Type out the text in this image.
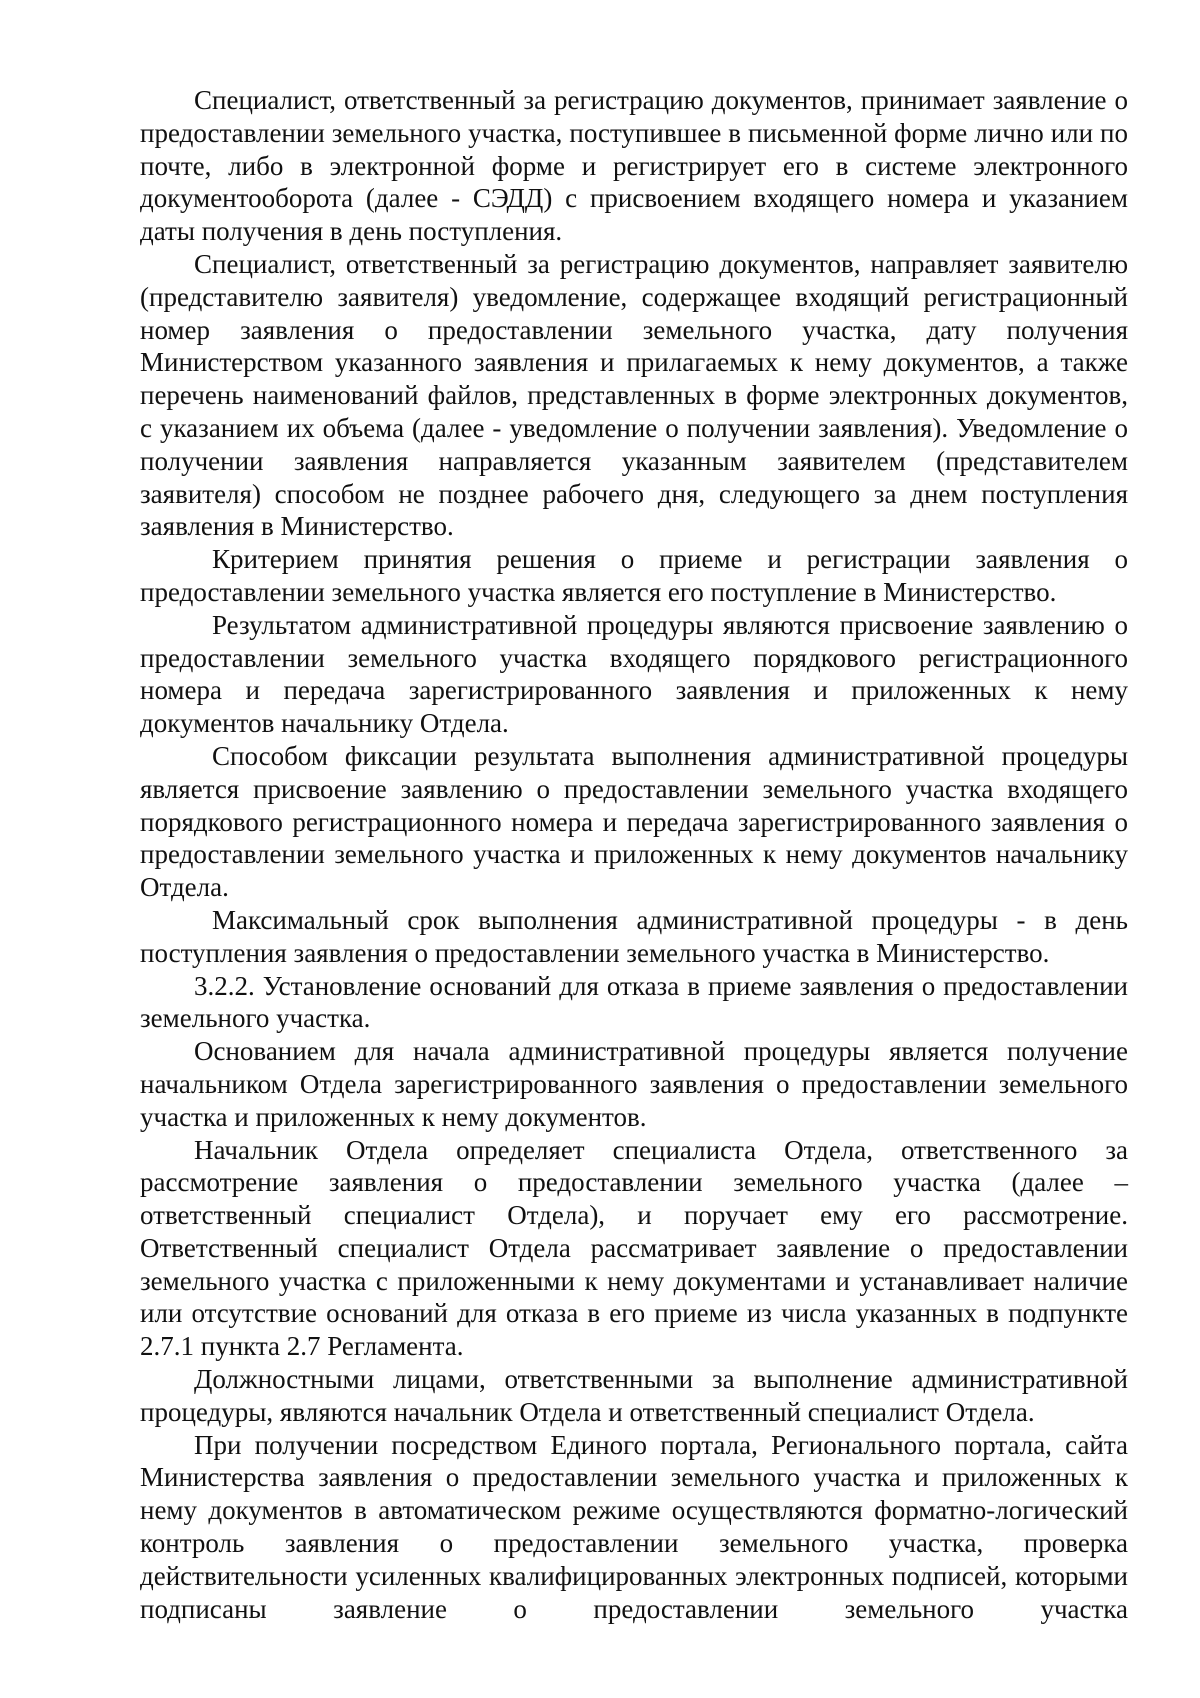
Специалист, ответственный за регистрацию документов, принимает заявление о предоставлении земельного участка, поступившее в письменной форме лично или по почте, либо в электронной форме и регистрирует его в системе электронного документооборота (далее - СЭДД) с присвоением входящего номера и указанием даты получения в день поступления.

Специалист, ответственный за регистрацию документов, направляет заявителю (представителю заявителя) уведомление, содержащее входящий регистрационный номер заявления о предоставлении земельного участка, дату получения Министерством указанного заявления и прилагаемых к нему документов, а также перечень наименований файлов, представленных в форме электронных документов, с указанием их объема (далее - уведомление о получении заявления). Уведомление о получении заявления направляется указанным заявителем (представителем заявителя) способом не позднее рабочего дня, следующего за днем поступления заявления в Министерство.

Критерием принятия решения о приеме и регистрации заявления о предоставлении земельного участка является его поступление в Министерство.

Результатом административной процедуры являются присвоение заявлению о предоставлении земельного участка входящего порядкового регистрационного номера и передача зарегистрированного заявления и приложенных к нему документов начальнику Отдела.

Способом фиксации результата выполнения административной процедуры является присвоение заявлению о предоставлении земельного участка входящего порядкового регистрационного номера и передача зарегистрированного заявления о предоставлении земельного участка и приложенных к нему документов начальнику Отдела.

Максимальный срок выполнения административной процедуры - в день поступления заявления о предоставлении земельного участка в Министерство.

3.2.2. Установление оснований для отказа в приеме заявления о предоставлении земельного участка.

Основанием для начала административной процедуры является получение начальником Отдела зарегистрированного заявления о предоставлении земельного участка и приложенных к нему документов.

Начальник Отдела определяет специалиста Отдела, ответственного за рассмотрение заявления о предоставлении земельного участка (далее – ответственный специалист Отдела), и поручает ему его рассмотрение. Ответственный специалист Отдела рассматривает заявление о предоставлении земельного участка с приложенными к нему документами и устанавливает наличие или отсутствие оснований для отказа в его приеме из числа указанных в подпункте 2.7.1 пункта 2.7 Регламента.

Должностными лицами, ответственными за выполнение административной процедуры, являются начальник Отдела и ответственный специалист Отдела.

При получении посредством Единого портала, Регионального портала, сайта Министерства заявления о предоставлении земельного участка и приложенных к нему документов в автоматическом режиме осуществляются форматно-логический контроль заявления о предоставлении земельного участка, проверка действительности усиленных квалифицированных электронных подписей, которыми подписаны заявление о предоставлении земельного участка
